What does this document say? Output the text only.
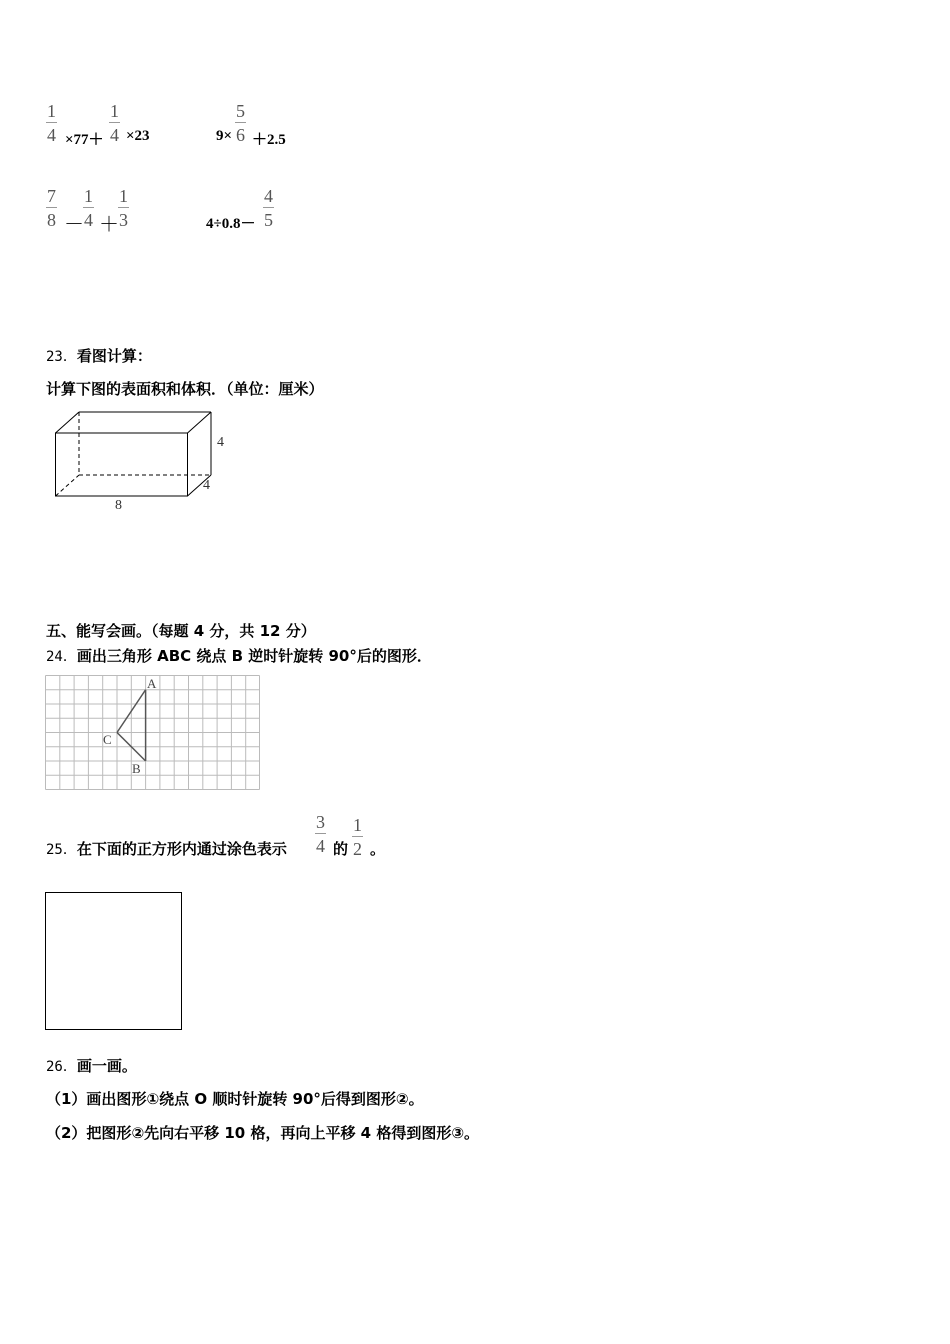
$\frac{1}{4} \times 77+ \frac{1}{4} \times 23$	$9\times \frac{5}{6} +2.5$
$\frac{7}{8} - \frac{1}{4} + \frac{1}{3}$	$4\div 0.8- \frac{4}{5}$
23．看图计算：
计算下图的表面积和体积．（单位：厘米）
4
4
8
五、能写会画。（每题 4 分，共 12 分）
24．画出三角形 ABC 绕点 B 逆时针旋转 90°后的图形．
A
C
B
25．在下面的正方形内通过涂色表示 $\frac{3}{4}$ 的 $\frac{1}{2}$ 。
26．画一画。
（1）画出图形①绕点 O 顺时针旋转 90°后得到图形②。
（2）把图形②先向右平移 10 格，再向上平移 4 格得到图形③。
